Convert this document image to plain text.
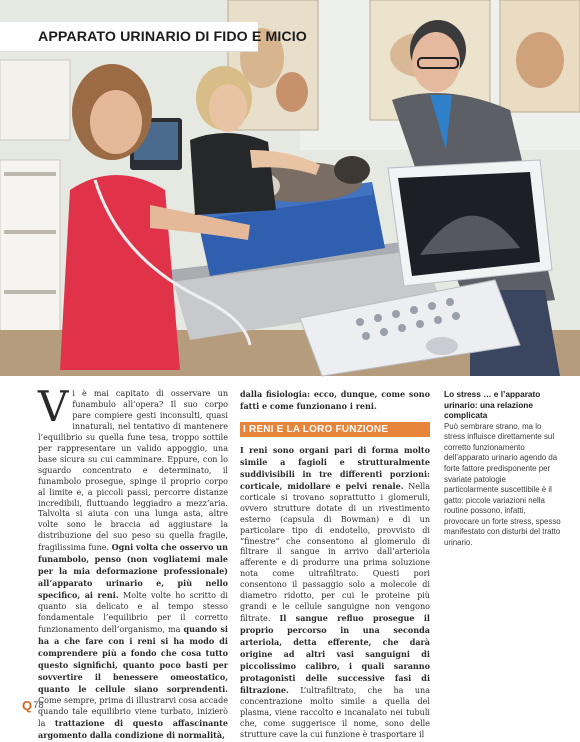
APPARATO URINARIO DI FIDO E MICIO

Vi è mai capitato di osservare un funambulo all’opera? Il suo corpo pare compiere gesti inconsulti, quasi innaturali, nel tentativo di mantenere l’equilibrio su quella fune tesa, troppo sottile per rappresentare un valido appoggio, una base sicura su cui camminare. Eppure, con lo sguardo concentrato e determinato, il funambolo prosegue, spinge il proprio corpo al limite e, a piccoli passi, percorre distanze incredibili, fluttuando leggiadro a mezz’aria. Talvolta si aiuta con una lunga asta, altre volte sono le braccia ad aggiustare la distribuzione del suo peso su quella fragile, fragilissima fune. Ogni volta che osservo un funambolo, penso (non vogliatemi male per la mia deformazione professionale) all’apparato urinario e, più nello specifico, ai reni. Molte volte ho scritto di quanto sia delicato e al tempo stesso fondamentale l’equilibrio per il corretto funzionamento dell’organismo, ma quando si ha a che fare con i reni si ha modo di comprendere più a fondo che cosa tutto questo significhi, quanto poco basti per sovvertire il benessere omeostatico, quanto le cellule siano sorprendenti. Come sempre, prima di illustrarvi cosa accade quando tale equilibrio viene turbato, inizierò la trattazione di questo affascinante argomento dalla condizione di normalità,

dalla fisiologia: ecco, dunque, come sono fatti e come funzionano i reni.

I RENI E LA LORO FUNZIONE

I reni sono organi pari di forma molto simile a fagioli e strutturalmente suddivisibili in tre differenti porzioni: corticale, midollare e pelvi renale. Nella corticale si trovano soprattutto i glomeruli, ovvero strutture dotate di un rivestimento esterno (capsula di Bowman) e di un particolare tipo di endotelio, provvisto di “finestre” che consentono al glomerulo di filtrare il sangue in arrivo dall’arteriola afferente e di produrre una prima soluzione nota come ultrafiltrato. Questi pori consentono il passaggio solo a molecole di diametro ridotto, per cui le proteine più grandi e le cellule sanguigne non vengono filtrate. Il sangue refluo prosegue il proprio percorso in una seconda arteriola, detta efferente, che darà origine ad altri vasi sanguigni di piccolissimo calibro, i quali saranno protagonisti delle successive fasi di filtrazione. L’ultrafiltrato, che ha una concentrazione molto simile a quella del plasma, viene raccolto e incanalato nei tubuli che, come suggerisce il nome, sono delle strutture cave la cui funzione è trasportare il

Lo stress … e l’apparato urinario: una relazione complicata
Può sembrare strano, ma lo stress influisce direttamente sul corretto funzionamento dell’apparato urinario agendo da forte fattore predisponente per svariate patologie particolarmente suscettibile è il gatto: piccole variazioni nella routine possono, infatti, provocare un forte stress, spesso manifestato con disturbi del tratto urinario.
Q 78
